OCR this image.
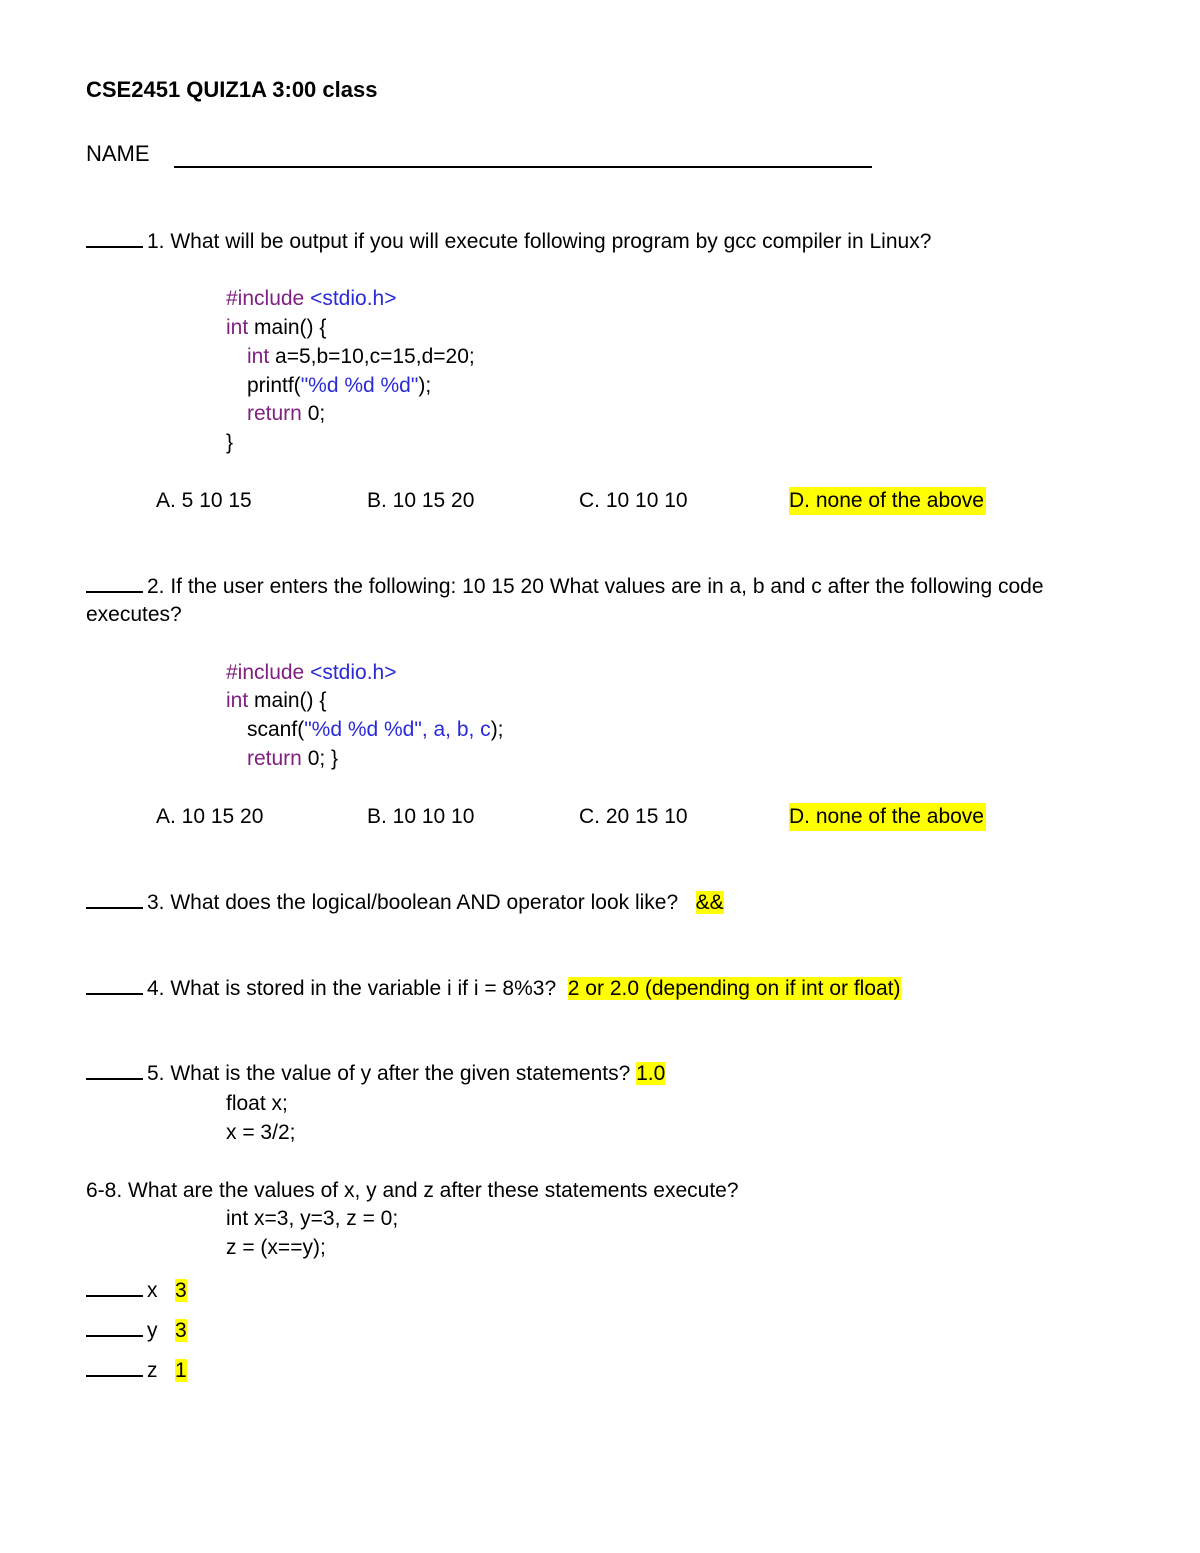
CSE2451 QUIZ1A 3:00 class
NAME
1. What will be output if you will execute following program by gcc compiler in Linux?
#include <stdio.h>
int main() {
int a=5,b=10,c=15,d=20;
printf("%d %d %d");
return 0;
}
A. 5 10 15	B. 10 15 20	C. 10 10 10	D. none of the above
2. If the user enters the following: 10 15 20 What values are in a, b and c after the following code
executes?
#include <stdio.h>
int main() {
scanf("%d %d %d", a, b, c);
return 0; }
A. 10 15 20	B. 10 10 10	C. 20 15 10	D. none of the above
3. What does the logical/boolean AND operator look like? &&
4. What is stored in the variable i if i = 8%3? 2 or 2.0 (depending on if int or float)
5. What is the value of y after the given statements? 1.0
float x;
x = 3/2;
6-8. What are the values of x, y and z after these statements execute?
int x=3, y=3, z = 0;
z = (x==y);
x 3
y 3
z 1
